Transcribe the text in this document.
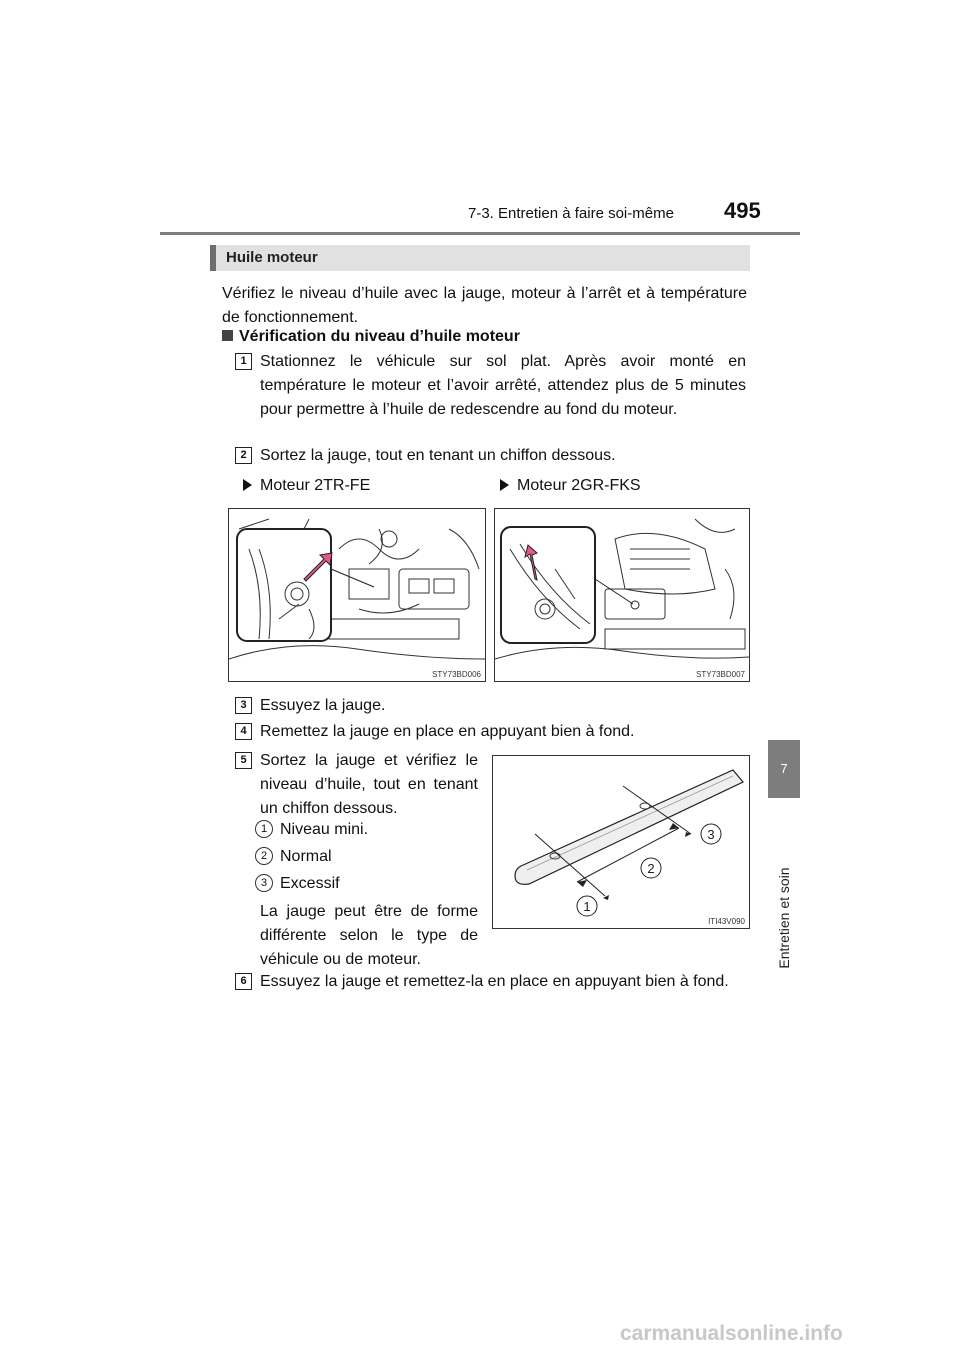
7-3. Entretien à faire soi-même 495
7
Entretien et soin
Huile moteur
Vérifiez le niveau d’huile avec la jauge, moteur à l’arrêt et à température de fonctionnement.
Vérification du niveau d’huile moteur
1 Stationnez le véhicule sur sol plat. Après avoir monté en température le moteur et l’avoir arrêté, attendez plus de 5 minutes pour permettre à l’huile de redescendre au fond du moteur.
2 Sortez la jauge, tout en tenant un chiffon dessous.
Moteur 2TR-FE	Moteur 2GR-FKS
STY73BD006	STY73BD007
3 Essuyez la jauge.
4 Remettez la jauge en place en appuyant bien à fond.
5 Sortez la jauge et vérifiez le niveau d’huile, tout en tenant un chiffon dessous.
1 Niveau mini.
2 Normal
3 Excessif
La jauge peut être de forme différente selon le type de véhicule ou de moteur.
1
2
3
ITI43V090
6 Essuyez la jauge et remettez-la en place en appuyant bien à fond.
carmanualsonline.info
